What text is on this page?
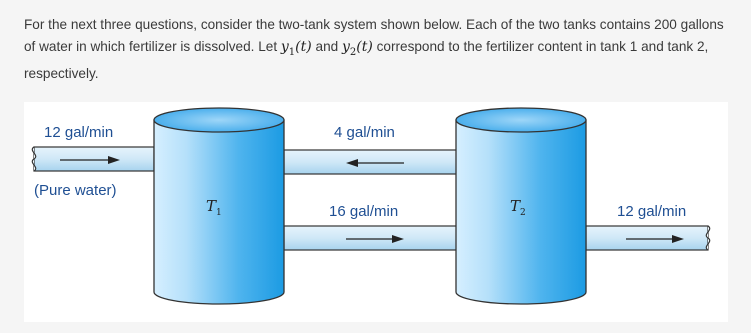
For the next three questions, consider the two-tank system shown below. Each of the two tanks contains 200 gallons of water in which fertilizer is dissolved. Let $y_1(t)$ and $y_2(t)$ correspond to the fertilizer content in tank 1 and tank 2, respectively.

12 gal/min
(Pure water)
4 gal/min
16 gal/min	12 gal/min
$T_1$	$T_2$
